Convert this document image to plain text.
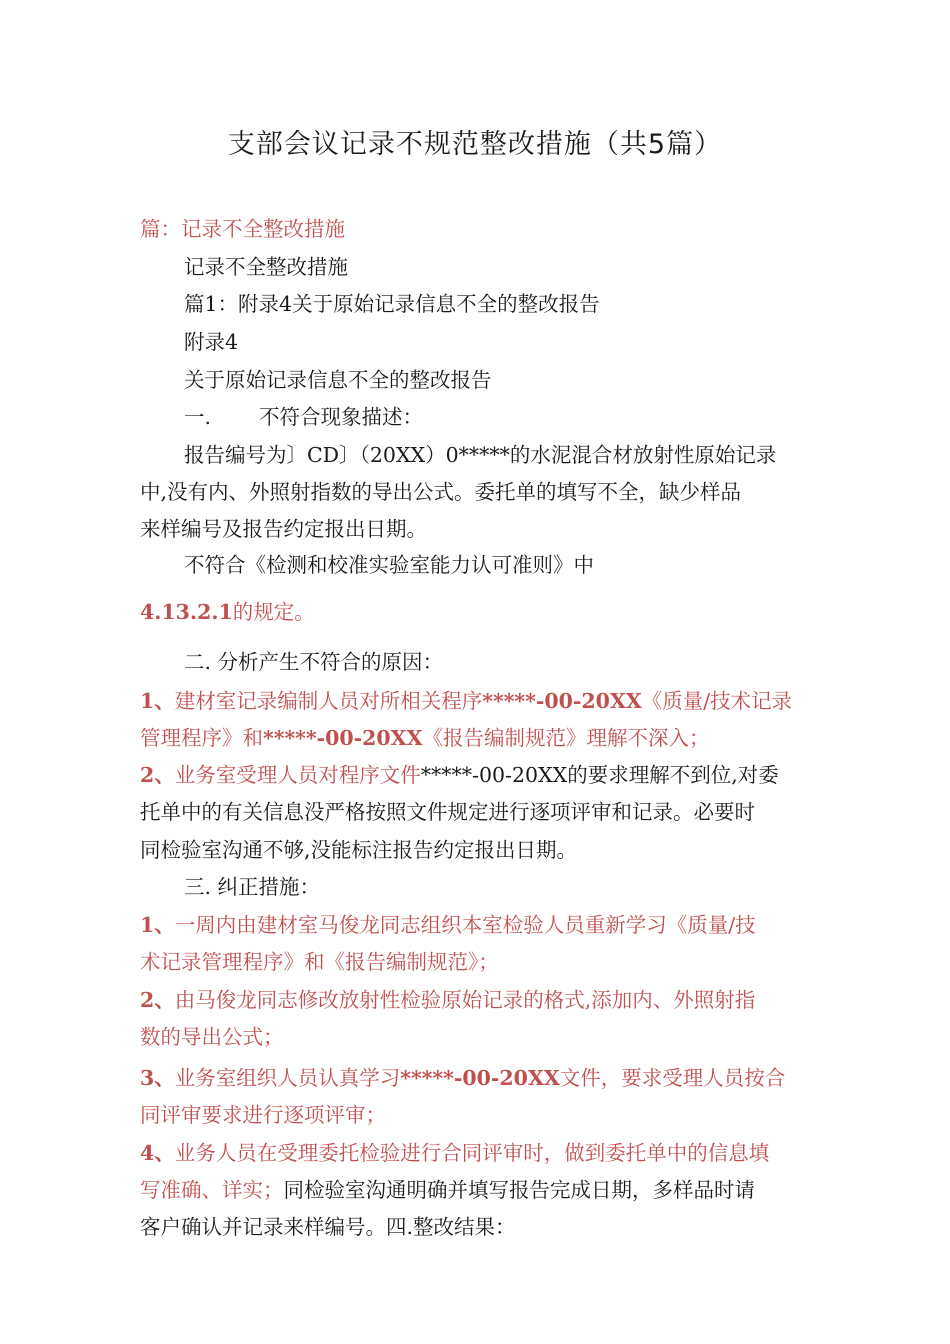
支部会议记录不规范整改措施（共5篇）
篇：记录不全整改措施
记录不全整改措施
篇1：附录4关于原始记录信息不全的整改报告
附录4
关于原始记录信息不全的整改报告
一. 不符合现象描述：
报告编号为〕CD〕（20XX）0*****的水泥混合材放射性原始记录
中,没有内、外照射指数的导出公式。委托单的填写不全，缺少样品
来样编号及报告约定报出日期。
不符合《检测和校准实验室能力认可准则》中
4.13.2.1的规定。
二. 分析产生不符合的原因：
1、建材室记录编制人员对所相关程序*****-00-20XX《质量/技术记录
管理程序》和*****-00-20XX《报告编制规范》理解不深入；
2、业务室受理人员对程序文件*****-00-20XX的要求理解不到位,对委
托单中的有关信息没严格按照文件规定进行逐项评审和记录。必要时
同检验室沟通不够,没能标注报告约定报出日期。
三. 纠正措施：
1、一周内由建材室马俊龙同志组织本室检验人员重新学习《质量/技
术记录管理程序》和《报告编制规范》；
2、由马俊龙同志修改放射性检验原始记录的格式,添加内、外照射指
数的导出公式；
3、业务室组织人员认真学习*****-00-20XX文件，要求受理人员按合
同评审要求进行逐项评审；
4、业务人员在受理委托检验进行合同评审时，做到委托单中的信息填
写准确、详实；同检验室沟通明确并填写报告完成日期，多样品时请
客户确认并记录来样编号。四.整改结果：
